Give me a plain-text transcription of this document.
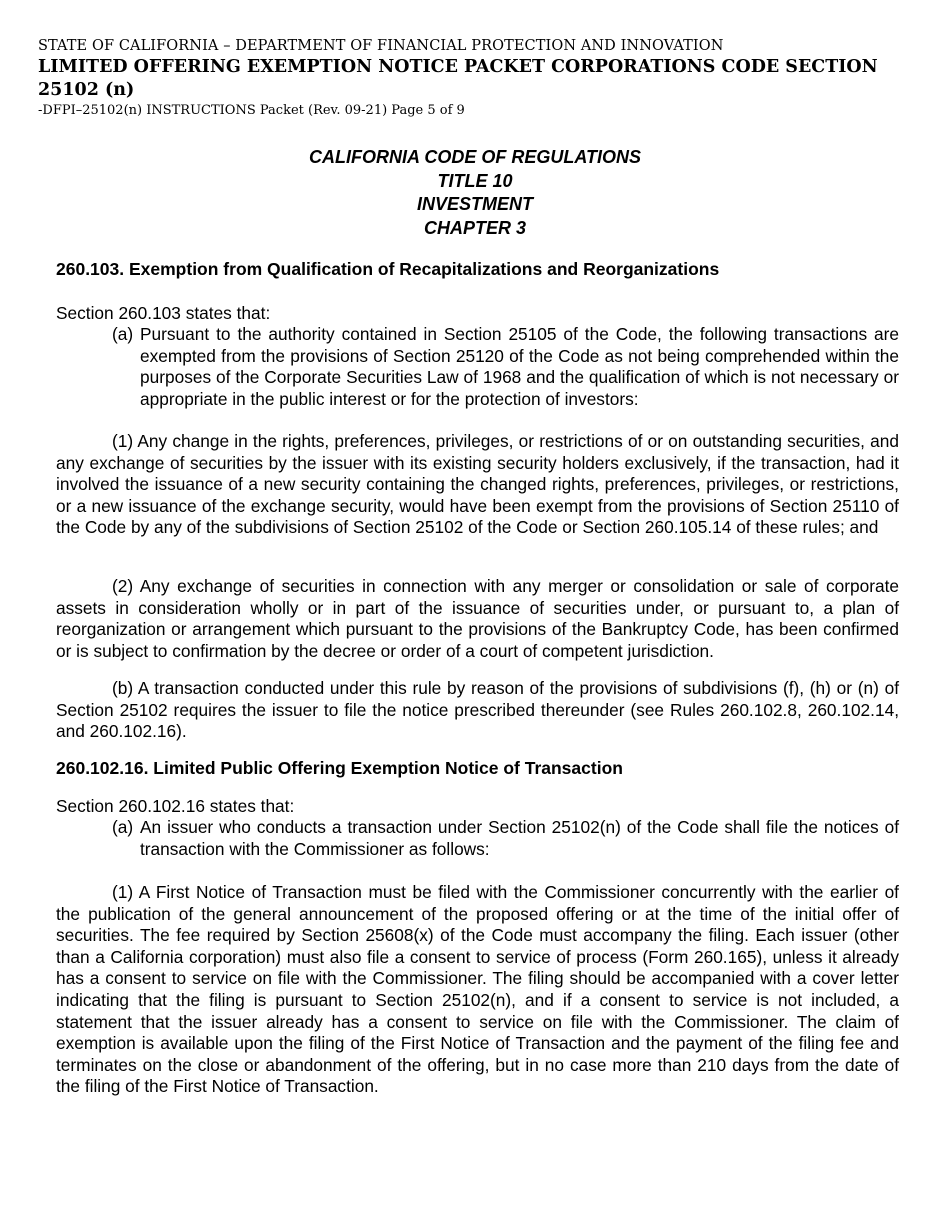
STATE OF CALIFORNIA – DEPARTMENT OF FINANCIAL PROTECTION AND INNOVATION
LIMITED OFFERING EXEMPTION NOTICE PACKET CORPORATIONS CODE SECTION 25102 (n)
-DFPI–25102(n) INSTRUCTIONS Packet (Rev. 09-21) Page 5 of 9
CALIFORNIA CODE OF REGULATIONS
TITLE 10
INVESTMENT
CHAPTER 3
260.103. Exemption from Qualification of Recapitalizations and Reorganizations
Section 260.103 states that:
(a) Pursuant to the authority contained in Section 25105 of the Code, the following transactions are exempted from the provisions of Section 25120 of the Code as not being comprehended within the purposes of the Corporate Securities Law of 1968 and the qualification of which is not necessary or appropriate in the public interest or for the protection of investors:
(1) Any change in the rights, preferences, privileges, or restrictions of or on outstanding securities, and any exchange of securities by the issuer with its existing security holders exclusively, if the transaction, had it involved the issuance of a new security containing the changed rights, preferences, privileges, or restrictions, or a new issuance of the exchange security, would have been exempt from the provisions of Section 25110 of the Code by any of the subdivisions of Section 25102 of the Code or Section 260.105.14 of these rules; and
(2) Any exchange of securities in connection with any merger or consolidation or sale of corporate assets in consideration wholly or in part of the issuance of securities under, or pursuant to, a plan of reorganization or arrangement which pursuant to the provisions of the Bankruptcy Code, has been confirmed or is subject to confirmation by the decree or order of a court of competent jurisdiction.
(b) A transaction conducted under this rule by reason of the provisions of subdivisions (f), (h) or (n) of Section 25102 requires the issuer to file the notice prescribed thereunder (see Rules 260.102.8, 260.102.14, and 260.102.16).
260.102.16. Limited Public Offering Exemption Notice of Transaction
Section 260.102.16 states that:
(a) An issuer who conducts a transaction under Section 25102(n) of the Code shall file the notices of transaction with the Commissioner as follows:
(1) A First Notice of Transaction must be filed with the Commissioner concurrently with the earlier of the publication of the general announcement of the proposed offering or at the time of the initial offer of securities. The fee required by Section 25608(x) of the Code must accompany the filing. Each issuer (other than a California corporation) must also file a consent to service of process (Form 260.165), unless it already has a consent to service on file with the Commissioner. The filing should be accompanied with a cover letter indicating that the filing is pursuant to Section 25102(n), and if a consent to service is not included, a statement that the issuer already has a consent to service on file with the Commissioner. The claim of exemption is available upon the filing of the First Notice of Transaction and the payment of the filing fee and terminates on the close or abandonment of the offering, but in no case more than 210 days from the date of the filing of the First Notice of Transaction.
